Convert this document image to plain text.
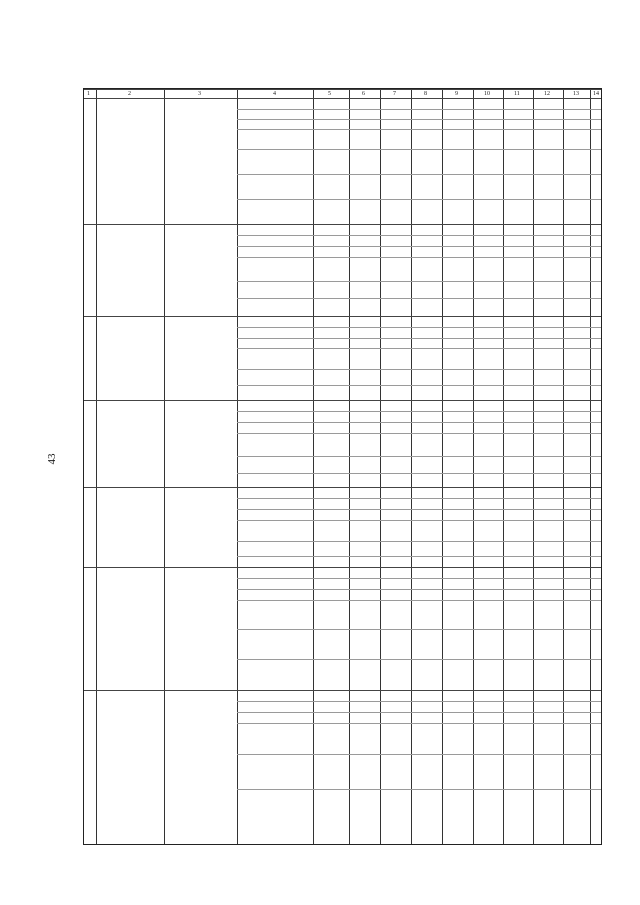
43
1	2	3	4	5	6	7	8	9	10	11	12	13 14
